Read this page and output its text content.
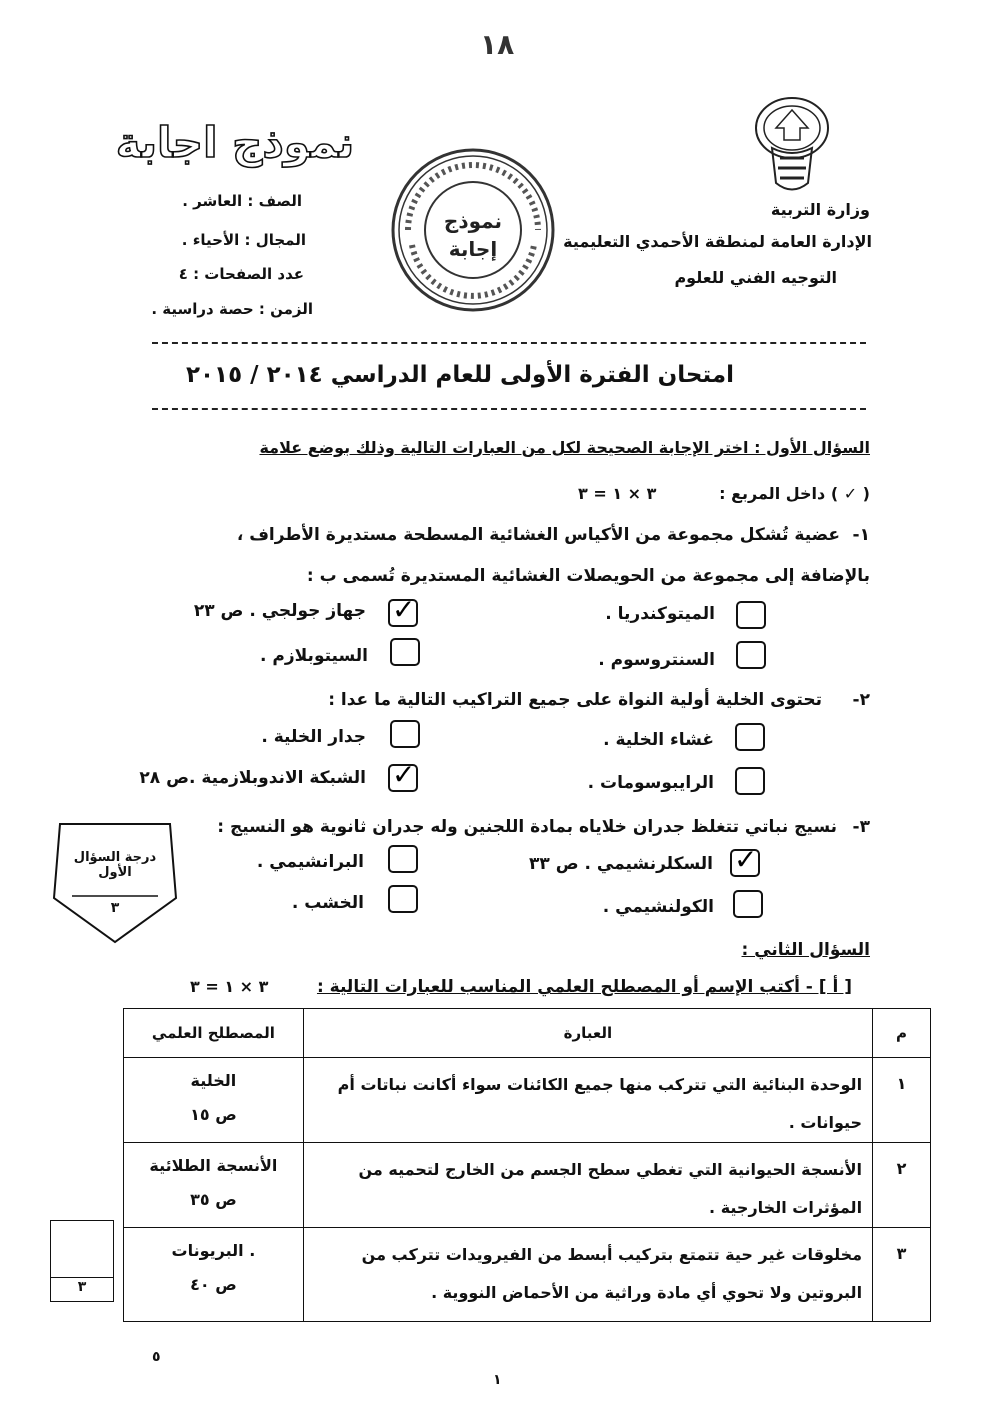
١٨
وزارة التربية
الإدارة العامة لمنطقة الأحمدي التعليمية
التوجيه الفني للعلوم
نموذج إجابة
نموذج اجابة
الصف : العاشر .
المجال : الأحياء .
عدد الصفحات : ٤
الزمن : حصة دراسية .
امتحان الفترة الأولى للعام الدراسي ٢٠١٤ / ٢٠١٥
السؤال الأول : اختر الإجابة الصحيحة لكل من العبارات التالية وذلك بوضع علامة
( ✓ ) داخل المربع :
٣ × ١ = ٣
١-
عضية تُشكل مجموعة من الأكياس الغشائية المسطحة مستديرة الأطراف ،
بالإضافة إلى مجموعة من الحويصلات الغشائية المستديرة تُسمى ب :
✓
جهاز جولجي . ص ٢٣	الميتوكندريا .
السيتوبلازم .	السنتروسوم .
٢-
تحتوى الخلية أولية النواة على جميع التراكيب التالية ما عدا :
جدار الخلية .	غشاء الخلية .
✓
الشبكة الاندوبلازمية .ص ٢٨	الرايبوسومات .
٣-
نسيج نباتي تتغلظ جدران خلاياه بمادة اللجنين وله جدران ثانوية هو النسيج :
البرانشيمي . ✓	السكلرنشيمي . ص ٣٣
الخشب .	الكولنشيمي .
درجة السؤال الأول
٣
السؤال الثاني :
[ أ ] - أكتب الإسم أو المصطلح العلمي المناسب للعبارات التالية :
٣ × ١ = ٣
المصطلح العلمي	العبارة	م

الخلية
ص ١٥	الوحدة البنائية التي تتركب منها جميع الكائنات سواء أكانت نباتات أم حيوانات .	١

الأنسجة الطلائية
ص ٣٥	الأنسجة الحيوانية التي تغطي سطح الجسم من الخارج لتحميه من المؤثرات الخارجية .	٢

البريونات .
ص ٤٠	مخلوقات غير حية تتمتع بتركيب أبسط من الفيرويدات تتركب من البروتين ولا تحوي أي مادة وراثية من الأحماض النووية .	٣
٣
٥
١
